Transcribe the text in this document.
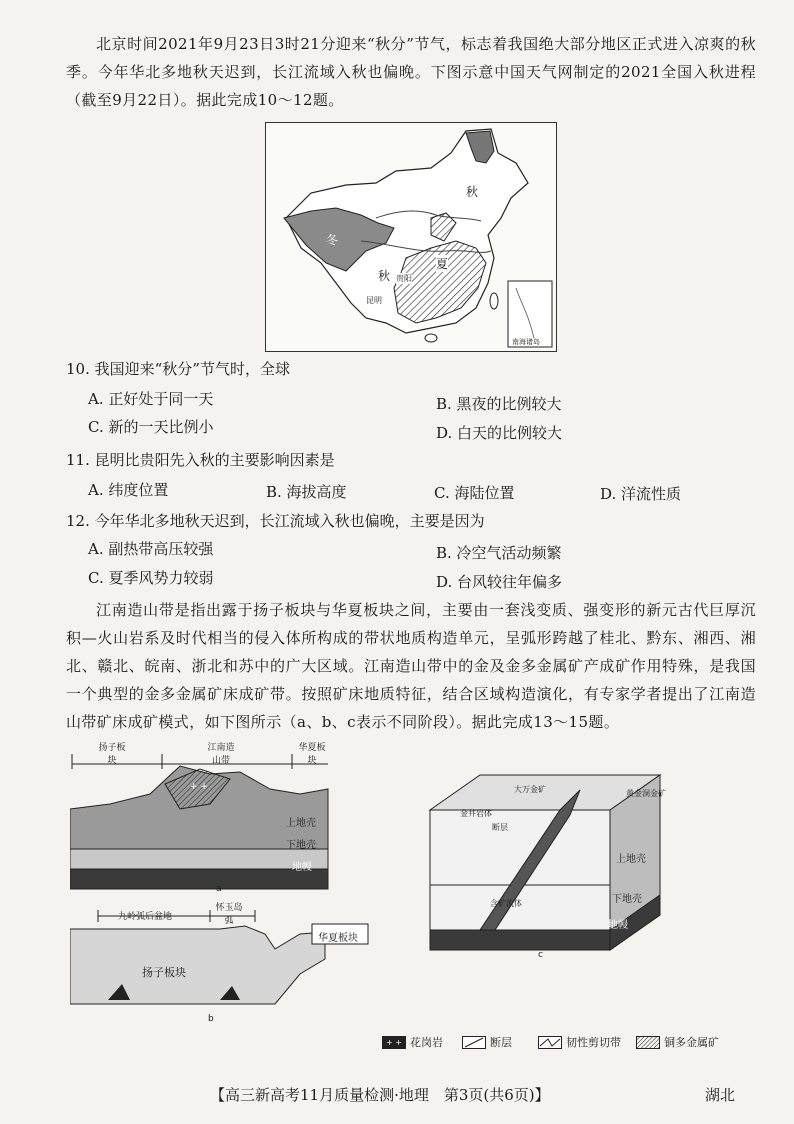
北京时间2021年9月23日3时21分迎来“秋分”节气，标志着我国绝大部分地区正式进入凉爽的秋季。今年华北多地秋天迟到，长江流域入秋也偏晚。下图示意中国天气网制定的2021全国入秋进程（截至9月22日）。据此完成10～12题。
秋
冬
秋
夏
昆明
贵阳
南海诸岛
10. 我国迎来“秋分”节气时，全球
A. 正好处于同一天	B. 黑夜的比例较大
C. 新的一天比例小	D. 白天的比例较大
11. 昆明比贵阳先入秋的主要影响因素是
A. 纬度位置	B. 海拔高度	C. 海陆位置	D. 洋流性质
12. 今年华北多地秋天迟到，长江流域入秋也偏晚，主要是因为
A. 副热带高压较强	B. 冷空气活动频繁
C. 夏季风势力较弱	D. 台风较往年偏多
江南造山带是指出露于扬子板块与华夏板块之间，主要由一套浅变质、强变形的新元古代巨厚沉积—火山岩系及时代相当的侵入体所构成的带状地质构造单元，呈弧形跨越了桂北、黔东、湘西、湘北、赣北、皖南、浙北和苏中的广大区域。江南造山带中的金及金多金属矿产成矿作用特殊，是我国一个典型的金多金属矿床成矿带。按照矿床地质特征，结合区域构造演化，有专家学者提出了江南造山带矿床成矿模式，如下图所示（a、b、c表示不同阶段）。据此完成13～15题。
+ +
扬子板块
江南造山带
华夏板块
上地壳
下地壳
地幔
a
九岭弧后盆地
怀玉岛弧
扬子板块
华夏板块
b
大万金矿
金井岩体
断层
黄金洞金矿
上地壳
下地壳
地幔
含矿流体
c
+ + 花岗岩	断层	韧性剪切带	铜多金属矿
【高三新高考11月质量检测·地理　第3页(共6页)】	湖北
